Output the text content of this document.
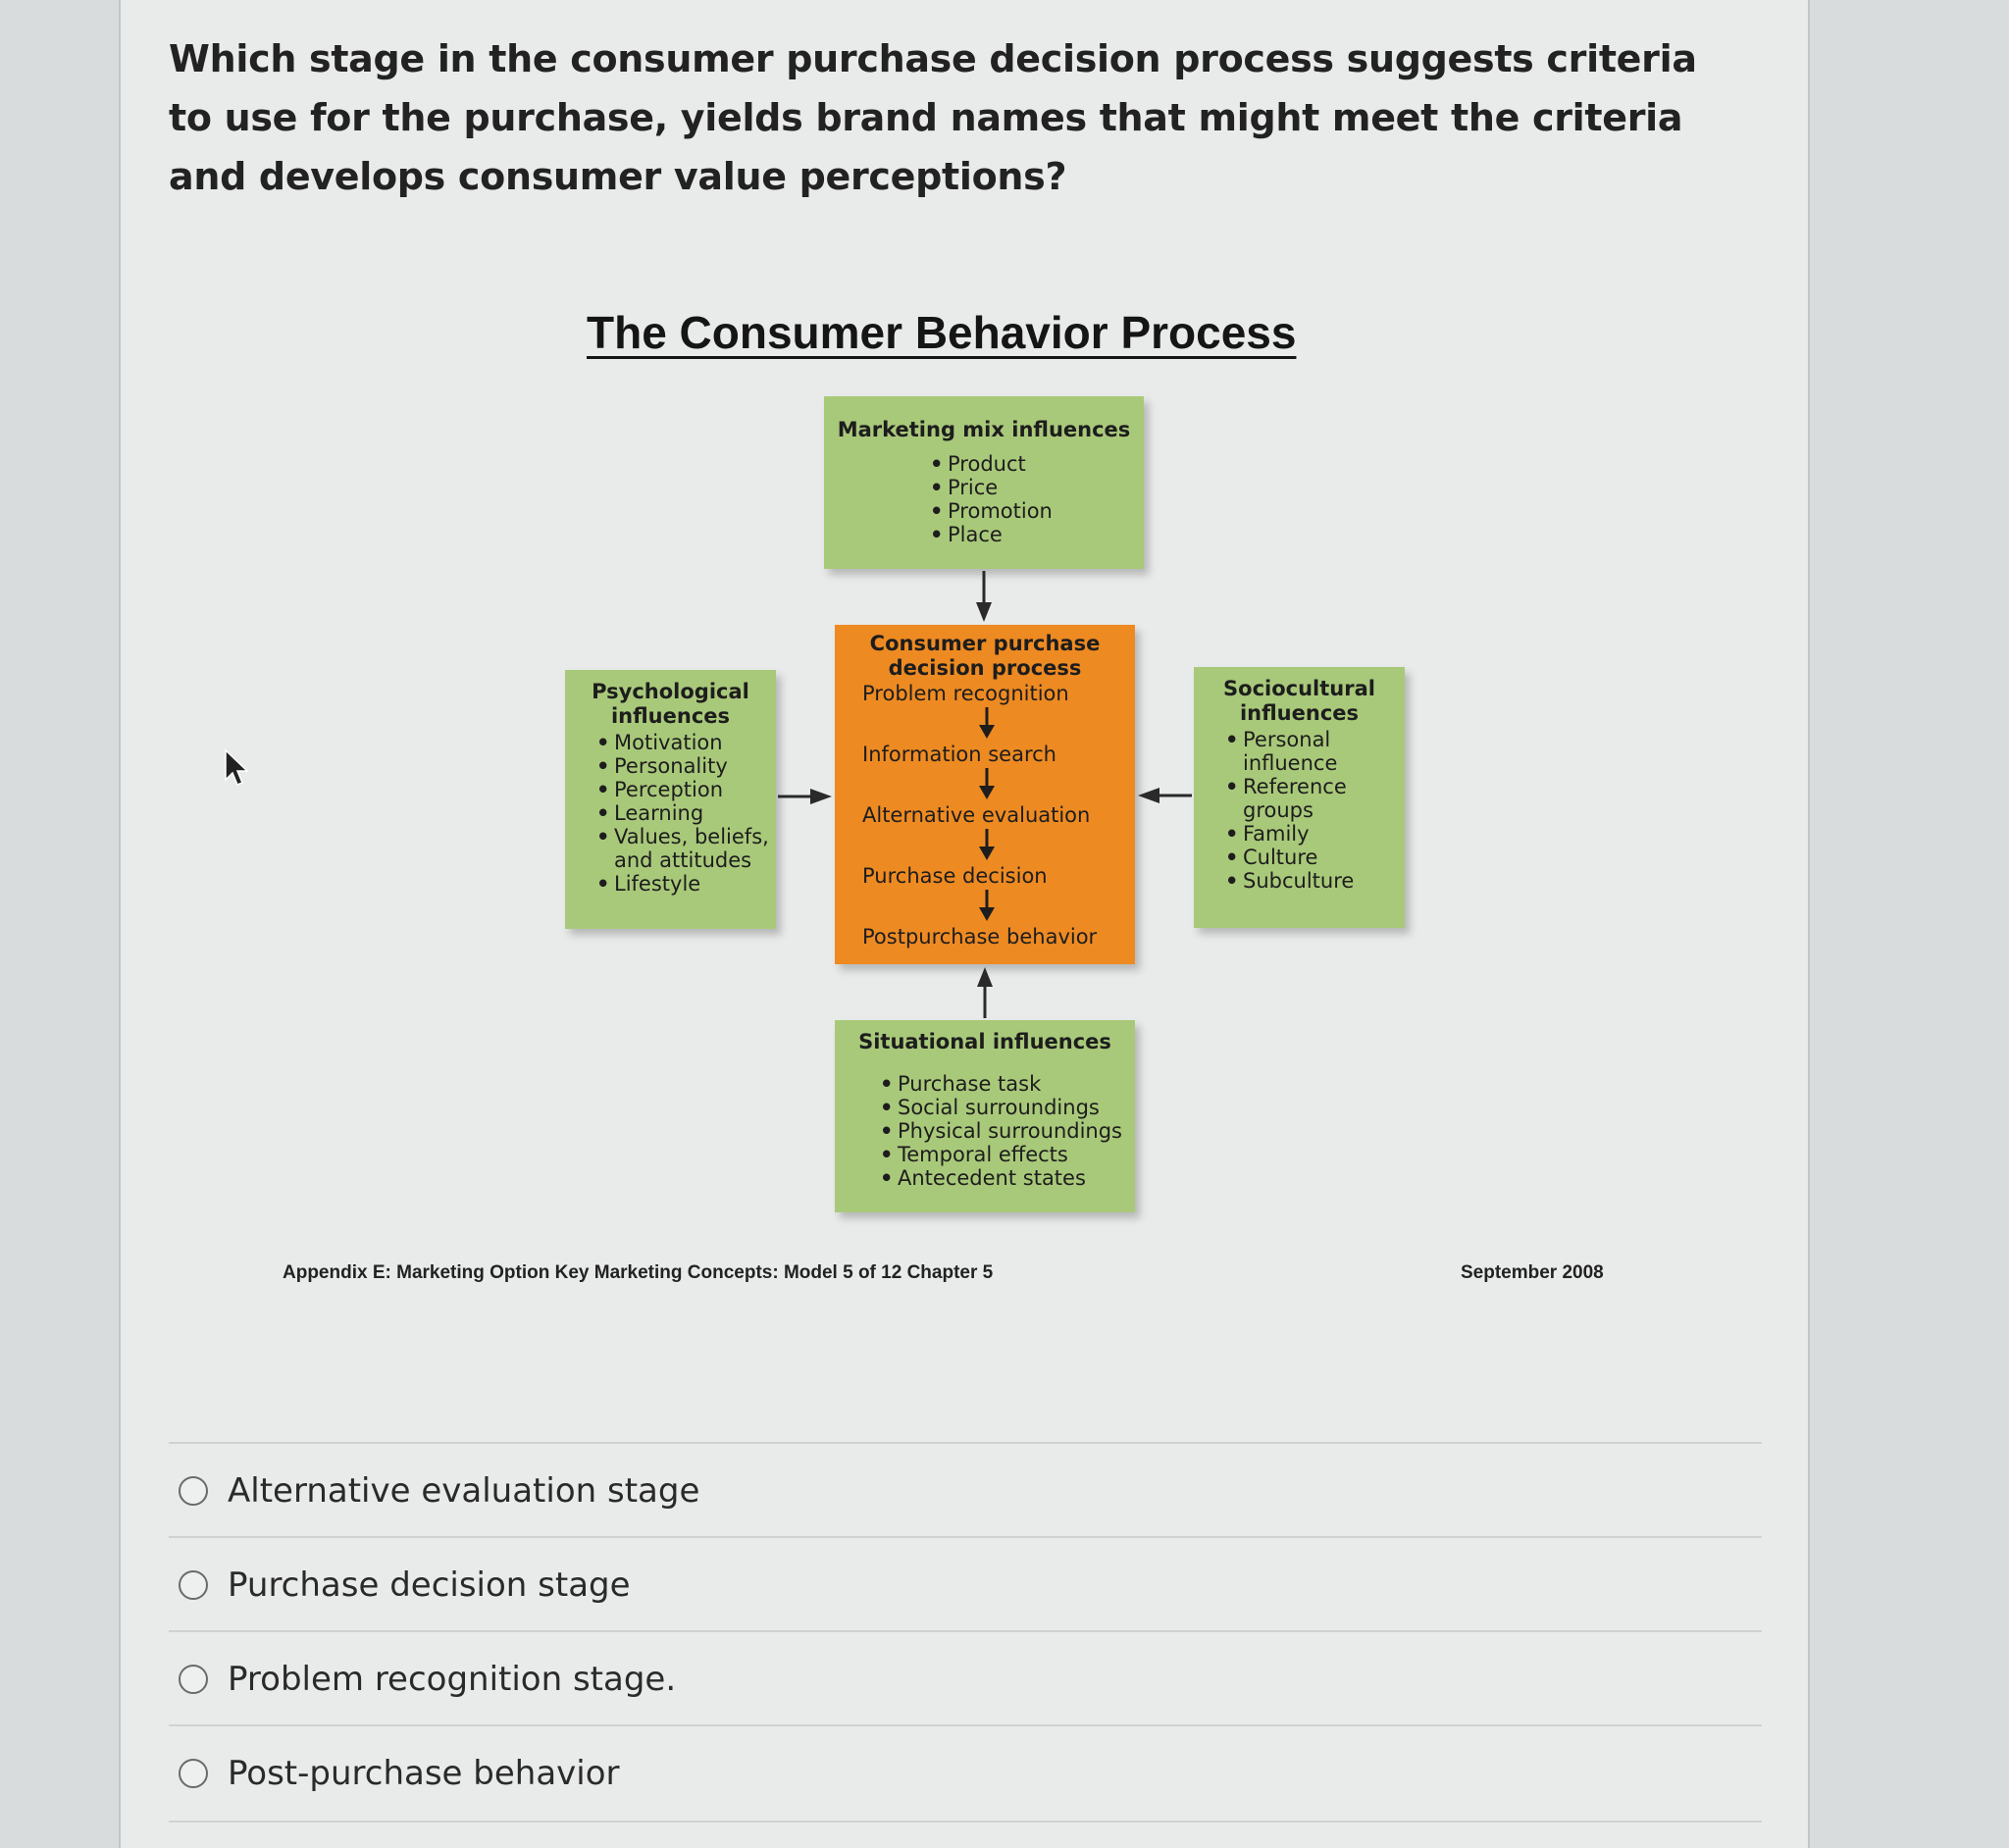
Which stage in the consumer purchase decision process suggests criteria to use for the purchase, yields brand names that might meet the criteria and develops consumer value perceptions?
The Consumer Behavior Process
Marketing mix influences
• Product
• Price
• Promotion
• Place
Consumer purchase
decision process
Problem recognition
Information search
Alternative evaluation
Purchase decision
Postpurchase behavior
Psychological
influences
• Motivation
• Personality
• Perception
• Learning
• Values, beliefs, and attitudes
• Lifestyle
Sociocultural
influences
• Personal influence
• Reference groups
• Family
• Culture
• Subculture
Situational influences
• Purchase task
• Social surroundings
• Physical surroundings
• Temporal effects
• Antecedent states
Appendix E: Marketing Option Key Marketing Concepts: Model 5 of 12 Chapter 5	September 2008
Alternative evaluation stage
Purchase decision stage
Problem recognition stage.
Post-purchase behavior
